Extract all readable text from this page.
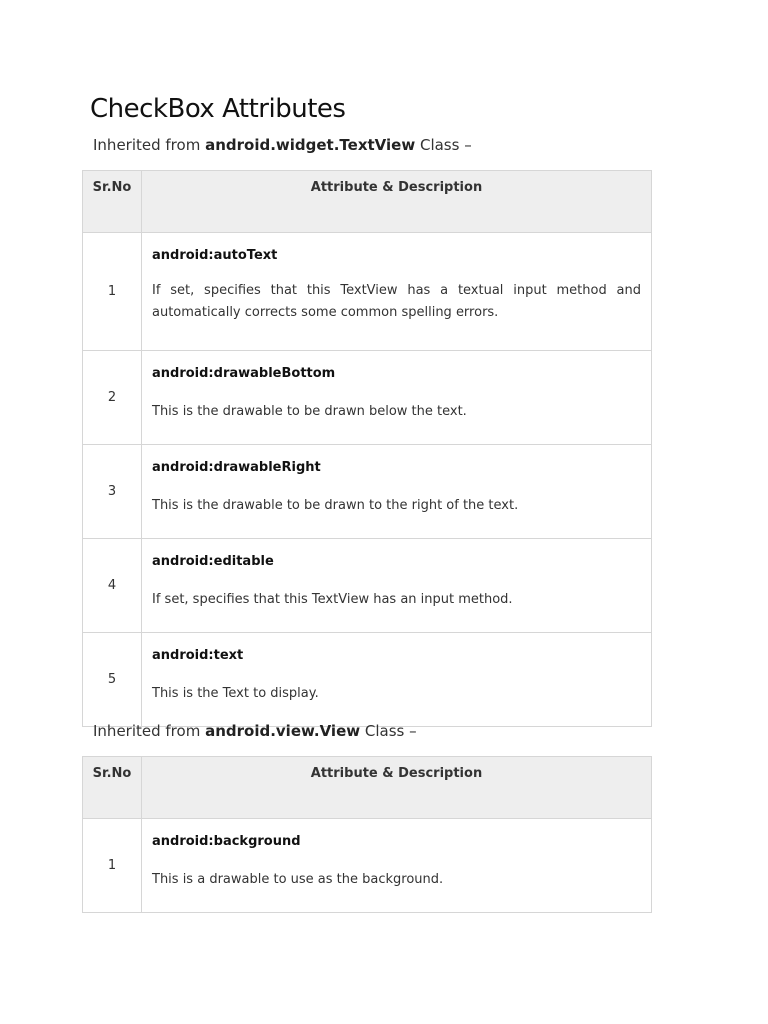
CheckBox Attributes
Inherited from android.widget.TextView Class –
Sr.No	Attribute & Description
1	android:autoText
If set, specifies that this TextView has a textual input method and automatically corrects some common spelling errors.

2	android:drawableBottom
This is the drawable to be drawn below the text.

3	android:drawableRight
This is the drawable to be drawn to the right of the text.

4	android:editable
If set, specifies that this TextView has an input method.

5	android:text
This is the Text to display.
Inherited from android.view.View Class –
Sr.No	Attribute & Description
1	android:background
This is a drawable to use as the background.
